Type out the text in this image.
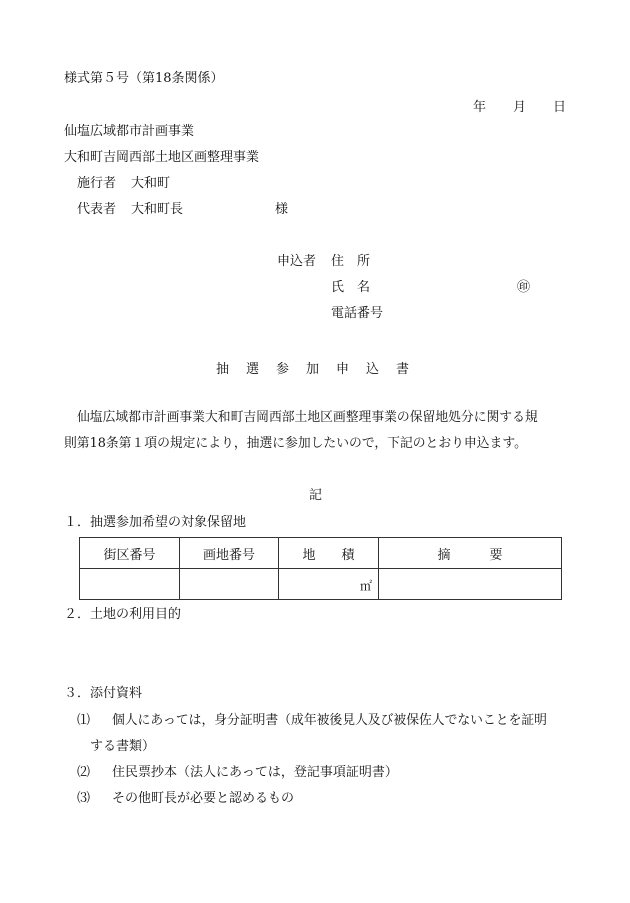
様式第５号（第18条関係）
年 月 日
仙塩広域都市計画事業
大和町吉岡西部土地区画整理事業
施行者 大和町
代表者 大和町長	様
申込者 住　所
氏　名	㊞
電話番号
抽 選 参 加 申 込 書
仙塩広域都市計画事業大和町吉岡西部土地区画整理事業の保留地処分に関する規
則第18条第１項の規定により，抽選に参加したいので，下記のとおり申込ます。
記
１．抽選参加希望の対象保留地
街区番号	画地番号	地　　積	摘　　　要

		㎡	

２．土地の利用目的
３．添付資料
⑴ 個人にあっては，身分証明書（成年被後見人及び被保佐人でないことを証明
する書類）
⑵ 住民票抄本（法人にあっては，登記事項証明書）
⑶ その他町長が必要と認めるもの
